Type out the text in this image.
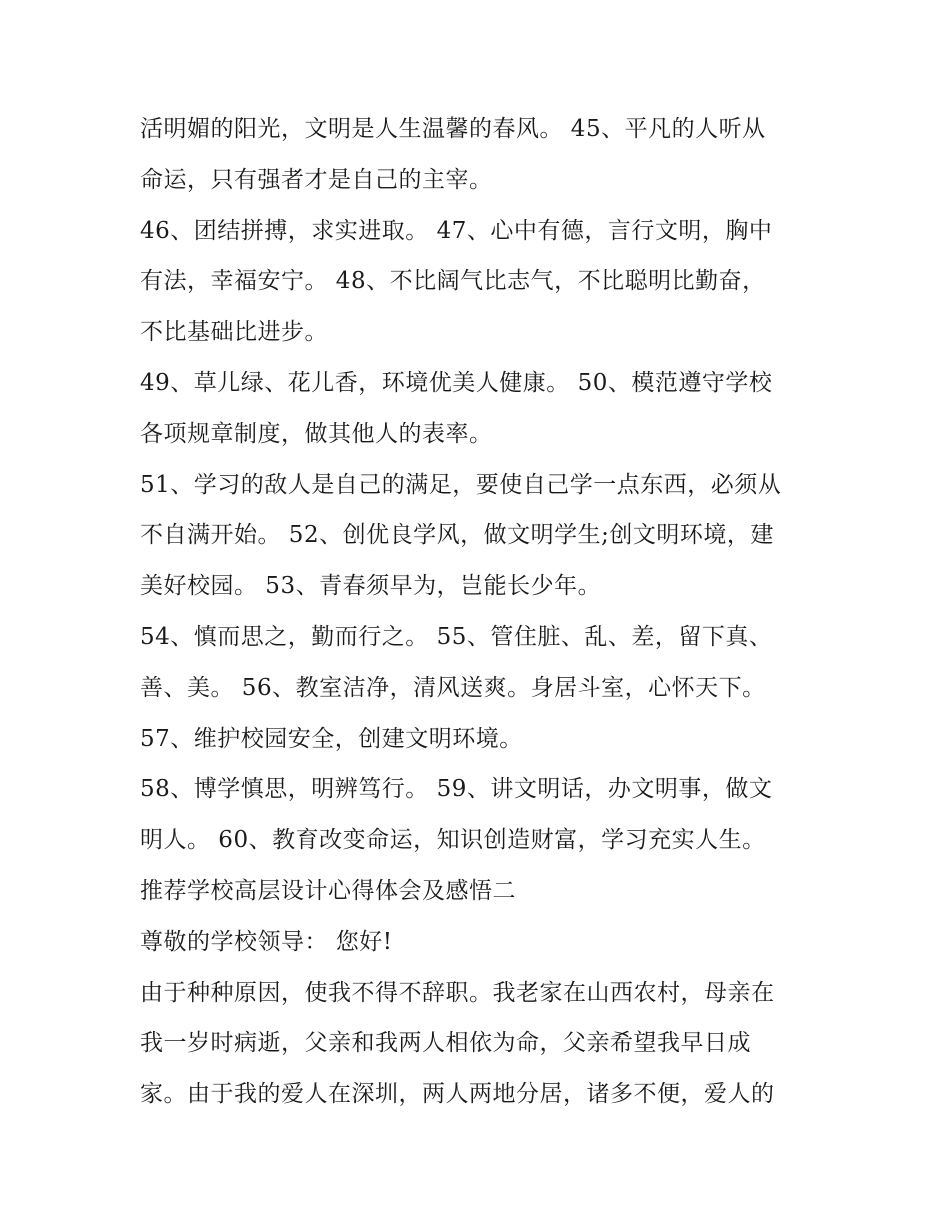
活明媚的阳光，文明是人生温馨的春风。 45、平凡的人听从
命运，只有强者才是自己的主宰。
46、团结拼搏，求实进取。 47、心中有德，言行文明，胸中
有法，幸福安宁。 48、不比阔气比志气，不比聪明比勤奋，
不比基础比进步。
49、草儿绿、花儿香，环境优美人健康。 50、模范遵守学校
各项规章制度，做其他人的表率。
51、学习的敌人是自己的满足，要使自己学一点东西，必须从
不自满开始。 52、创优良学风，做文明学生;创文明环境，建
美好校园。 53、青春须早为，岂能长少年。
54、慎而思之，勤而行之。 55、管住脏、乱、差，留下真、
善、美。 56、教室洁净，清风送爽。身居斗室，心怀天下。
57、维护校园安全，创建文明环境。
58、博学慎思，明辨笃行。 59、讲文明话，办文明事，做文
明人。 60、教育改变命运，知识创造财富，学习充实人生。
推荐学校高层设计心得体会及感悟二
尊敬的学校领导： 您好!
由于种种原因，使我不得不辞职。我老家在山西农村，母亲在
我一岁时病逝，父亲和我两人相依为命，父亲希望我早日成
家。由于我的爱人在深圳，两人两地分居，诸多不便，爱人的
